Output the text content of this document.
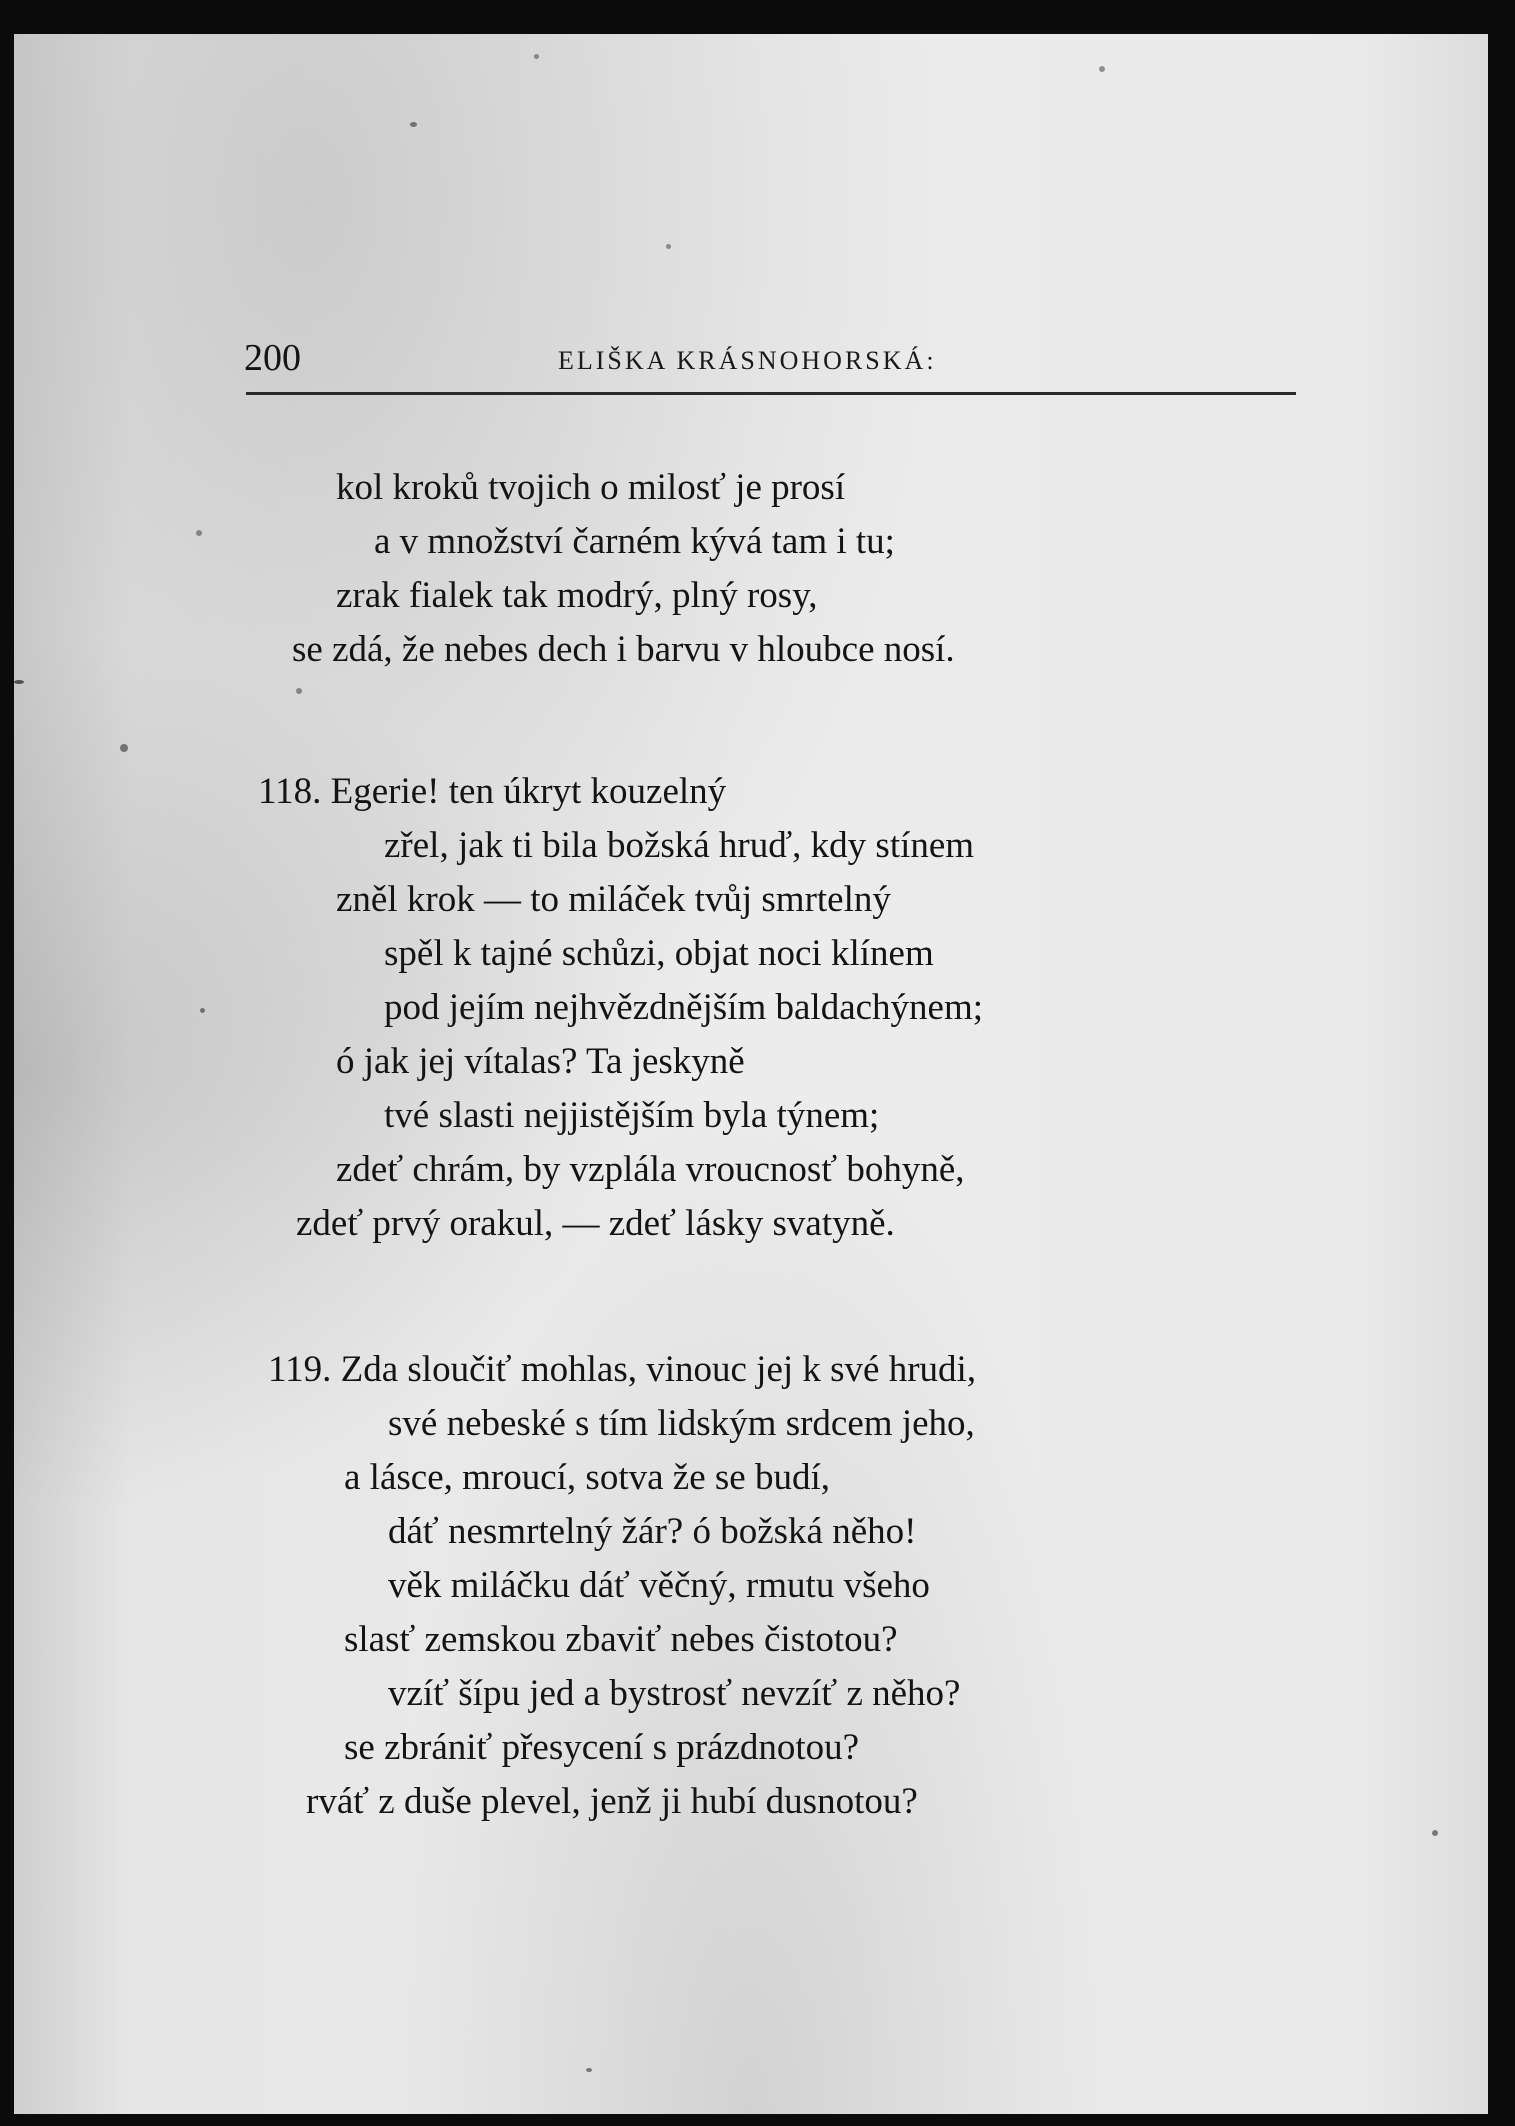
200	ELIŠKA KRÁSNOHORSKÁ:
kol kroků tvojich o milosť je prosí
a v množství čarném kývá tam i tu;
zrak fialek tak modrý, plný rosy,
se zdá, že nebes dech i barvu v hloubce nosí.
118. Egerie! ten úkryt kouzelný
zřel, jak ti bila božská hruď, kdy stínem
zněl krok — to miláček tvůj smrtelný
spěl k tajné schůzi, objat noci klínem
pod jejím nejhvězdnějším baldachýnem;
ó jak jej vítalas? Ta jeskyně
tvé slasti nejjistějším byla týnem;
zdeť chrám, by vzplála vroucnosť bohyně,
zdeť prvý orakul, — zdeť lásky svatyně.
119. Zda sloučiť mohlas, vinouc jej k své hrudi,
své nebeské s tím lidským srdcem jeho,
a lásce, mroucí, sotva že se budí,
dáť nesmrtelný žár? ó božská něho!
věk miláčku dáť věčný, rmutu všeho
slasť zemskou zbaviť nebes čistotou?
vzíť šípu jed a bystrosť nevzíť z něho?
se zbrániť přesycení s prázdnotou?
rváť z duše plevel, jenž ji hubí dusnotou?
